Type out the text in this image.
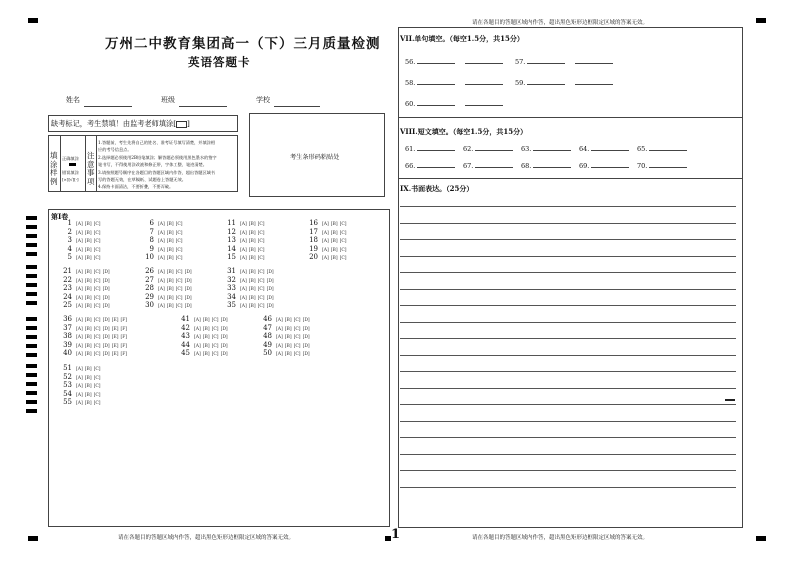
万州二中教育集团高一（下）三月质量检测
英语答题卡
姓名	班级	学校
缺考标记，考生禁填！由监考老师填涂[ ]
考生条形码粘贴处
填涂样例
正确填涂
错误填涂
[×][√][-]
注意事项
1.答题前，考生先将自己的姓名、准考证号填写清楚，并填涂相
应的考号信息点。
2.选择题必须使用2B铅笔填涂；解答题必须使用黑色墨水的签字
笔书写，不得使用涂改液和修正带，字体工整、笔迹清楚。
3.请按照题号顺序在各题目的答题区域内作答，超出答题区域书
写的答题无效，在草稿纸、试题卷上答题无效。
4.保持卡面清洁，不要折叠，不要弄破。
第Ⅰ卷
1 [A] [B] [C]	6 [A] [B] [C]	11 [A] [B] [C]	16 [A] [B] [C]
2 [A] [B] [C]	7 [A] [B] [C]	12 [A] [B] [C]	17 [A] [B] [C]
3 [A] [B] [C]	8 [A] [B] [C]	13 [A] [B] [C]	18 [A] [B] [C]
4 [A] [B] [C]	9 [A] [B] [C]	14 [A] [B] [C]	19 [A] [B] [C]
5 [A] [B] [C]	10 [A] [B] [C]	15 [A] [B] [C]	20 [A] [B] [C]
21 [A] [B] [C] [D]	26 [A] [B] [C] [D]	31 [A] [B] [C] [D]
22 [A] [B] [C] [D]	27 [A] [B] [C] [D]	32 [A] [B] [C] [D]
23 [A] [B] [C] [D]	28 [A] [B] [C] [D]	33 [A] [B] [C] [D]
24 [A] [B] [C] [D]	29 [A] [B] [C] [D]	34 [A] [B] [C] [D]
25 [A] [B] [C] [D]	30 [A] [B] [C] [D]	35 [A] [B] [C] [D]
36 [A] [B] [C] [D] [E] [F]	41 [A] [B] [C] [D]	46 [A] [B] [C] [D]
37 [A] [B] [C] [D] [E] [F]	42 [A] [B] [C] [D]	47 [A] [B] [C] [D]
38 [A] [B] [C] [D] [E] [F]	43 [A] [B] [C] [D]	48 [A] [B] [C] [D]
39 [A] [B] [C] [D] [E] [F]	44 [A] [B] [C] [D]	49 [A] [B] [C] [D]
40 [A] [B] [C] [D] [E] [F]	45 [A] [B] [C] [D]	50 [A] [B] [C] [D]
51 [A] [B] [C]
52 [A] [B] [C]
53 [A] [B] [C]
54 [A] [B] [C]
55 [A] [B] [C]
请在各题目的答题区域内作答，超出黑色矩形边框限定区域的答案无效。
VII.单句填空。（每空1.5分，共15分）
56.	57.
58.	59.
60.
VIII.短文填空。（每空1.5分，共15分）
61.	62.	63.	64.	65.
66.	67.	68.	69.	70.
IX.书面表达。（25分）
请在各题目的答题区域内作答，超出黑色矩形边框限定区域的答案无效。	1	请在各题目的答题区域内作答，超出黑色矩形边框限定区域的答案无效。
